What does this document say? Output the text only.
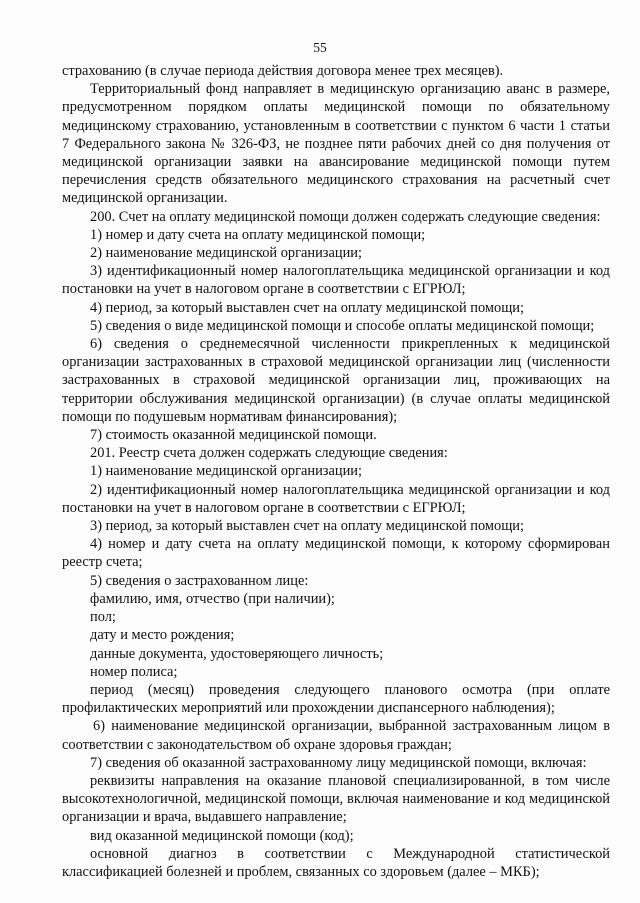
55

страхованию (в случае периода действия договора менее трех месяцев).

Территориальный фонд направляет в медицинскую организацию аванс в размере, предусмотренном порядком оплаты медицинской помощи по обязательному медицинскому страхованию, установленным в соответствии с пунктом 6 части 1 статьи 7 Федерального закона № 326-ФЗ, не позднее пяти рабочих дней со дня получения от медицинской организации заявки на авансирование медицинской помощи путем перечисления средств обязательного медицинского страхования на расчетный счет медицинской организации.

200. Счет на оплату медицинской помощи должен содержать следующие сведения:

1) номер и дату счета на оплату медицинской помощи;

2) наименование медицинской организации;

3) идентификационный номер налогоплательщика медицинской организации и код постановки на учет в налоговом органе в соответствии с ЕГРЮЛ;

4) период, за который выставлен счет на оплату медицинской помощи;

5) сведения о виде медицинской помощи и способе оплаты медицинской помощи;

6) сведения о среднемесячной численности прикрепленных к медицинской организации застрахованных в страховой медицинской организации лиц (численности застрахованных в страховой медицинской организации лиц, проживающих на территории обслуживания медицинской организации) (в случае оплаты медицинской помощи по подушевым нормативам финансирования);

7) стоимость оказанной медицинской помощи.

201. Реестр счета должен содержать следующие сведения:

1) наименование медицинской организации;

2) идентификационный номер налогоплательщика медицинской организации и код постановки на учет в налоговом органе в соответствии с ЕГРЮЛ;

3) период, за который выставлен счет на оплату медицинской помощи;

4) номер и дату счета на оплату медицинской помощи, к которому сформирован реестр счета;

5) сведения о застрахованном лице:

фамилию, имя, отчество (при наличии);

пол;

дату и место рождения;

данные документа, удостоверяющего личность;

номер полиса;

период (месяц) проведения следующего планового осмотра (при оплате профилактических мероприятий или прохождении диспансерного наблюдения);

6) наименование медицинской организации, выбранной застрахованным лицом в соответствии с законодательством об охране здоровья граждан;

7) сведения об оказанной застрахованному лицу медицинской помощи, включая:

реквизиты направления на оказание плановой специализированной, в том числе высокотехнологичной, медицинской помощи, включая наименование и код медицинской организации и врача, выдавшего направление;

вид оказанной медицинской помощи (код);

основной диагноз в соответствии с Международной статистической классификацией болезней и проблем, связанных со здоровьем (далее – МКБ);
